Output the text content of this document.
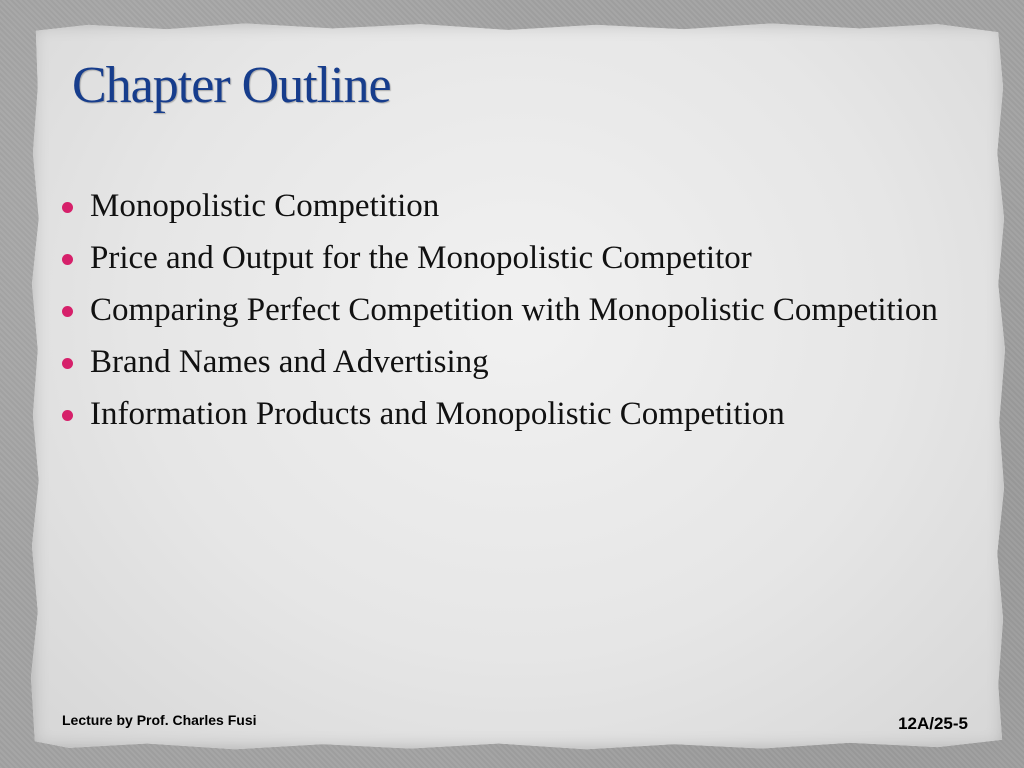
Chapter Outline
Monopolistic Competition
Price and Output for the Monopolistic Competitor
Comparing Perfect Competition with Monopolistic Competition
Brand Names and Advertising
Information Products and Monopolistic Competition
Lecture by Prof. Charles Fusi	12A/25-5
